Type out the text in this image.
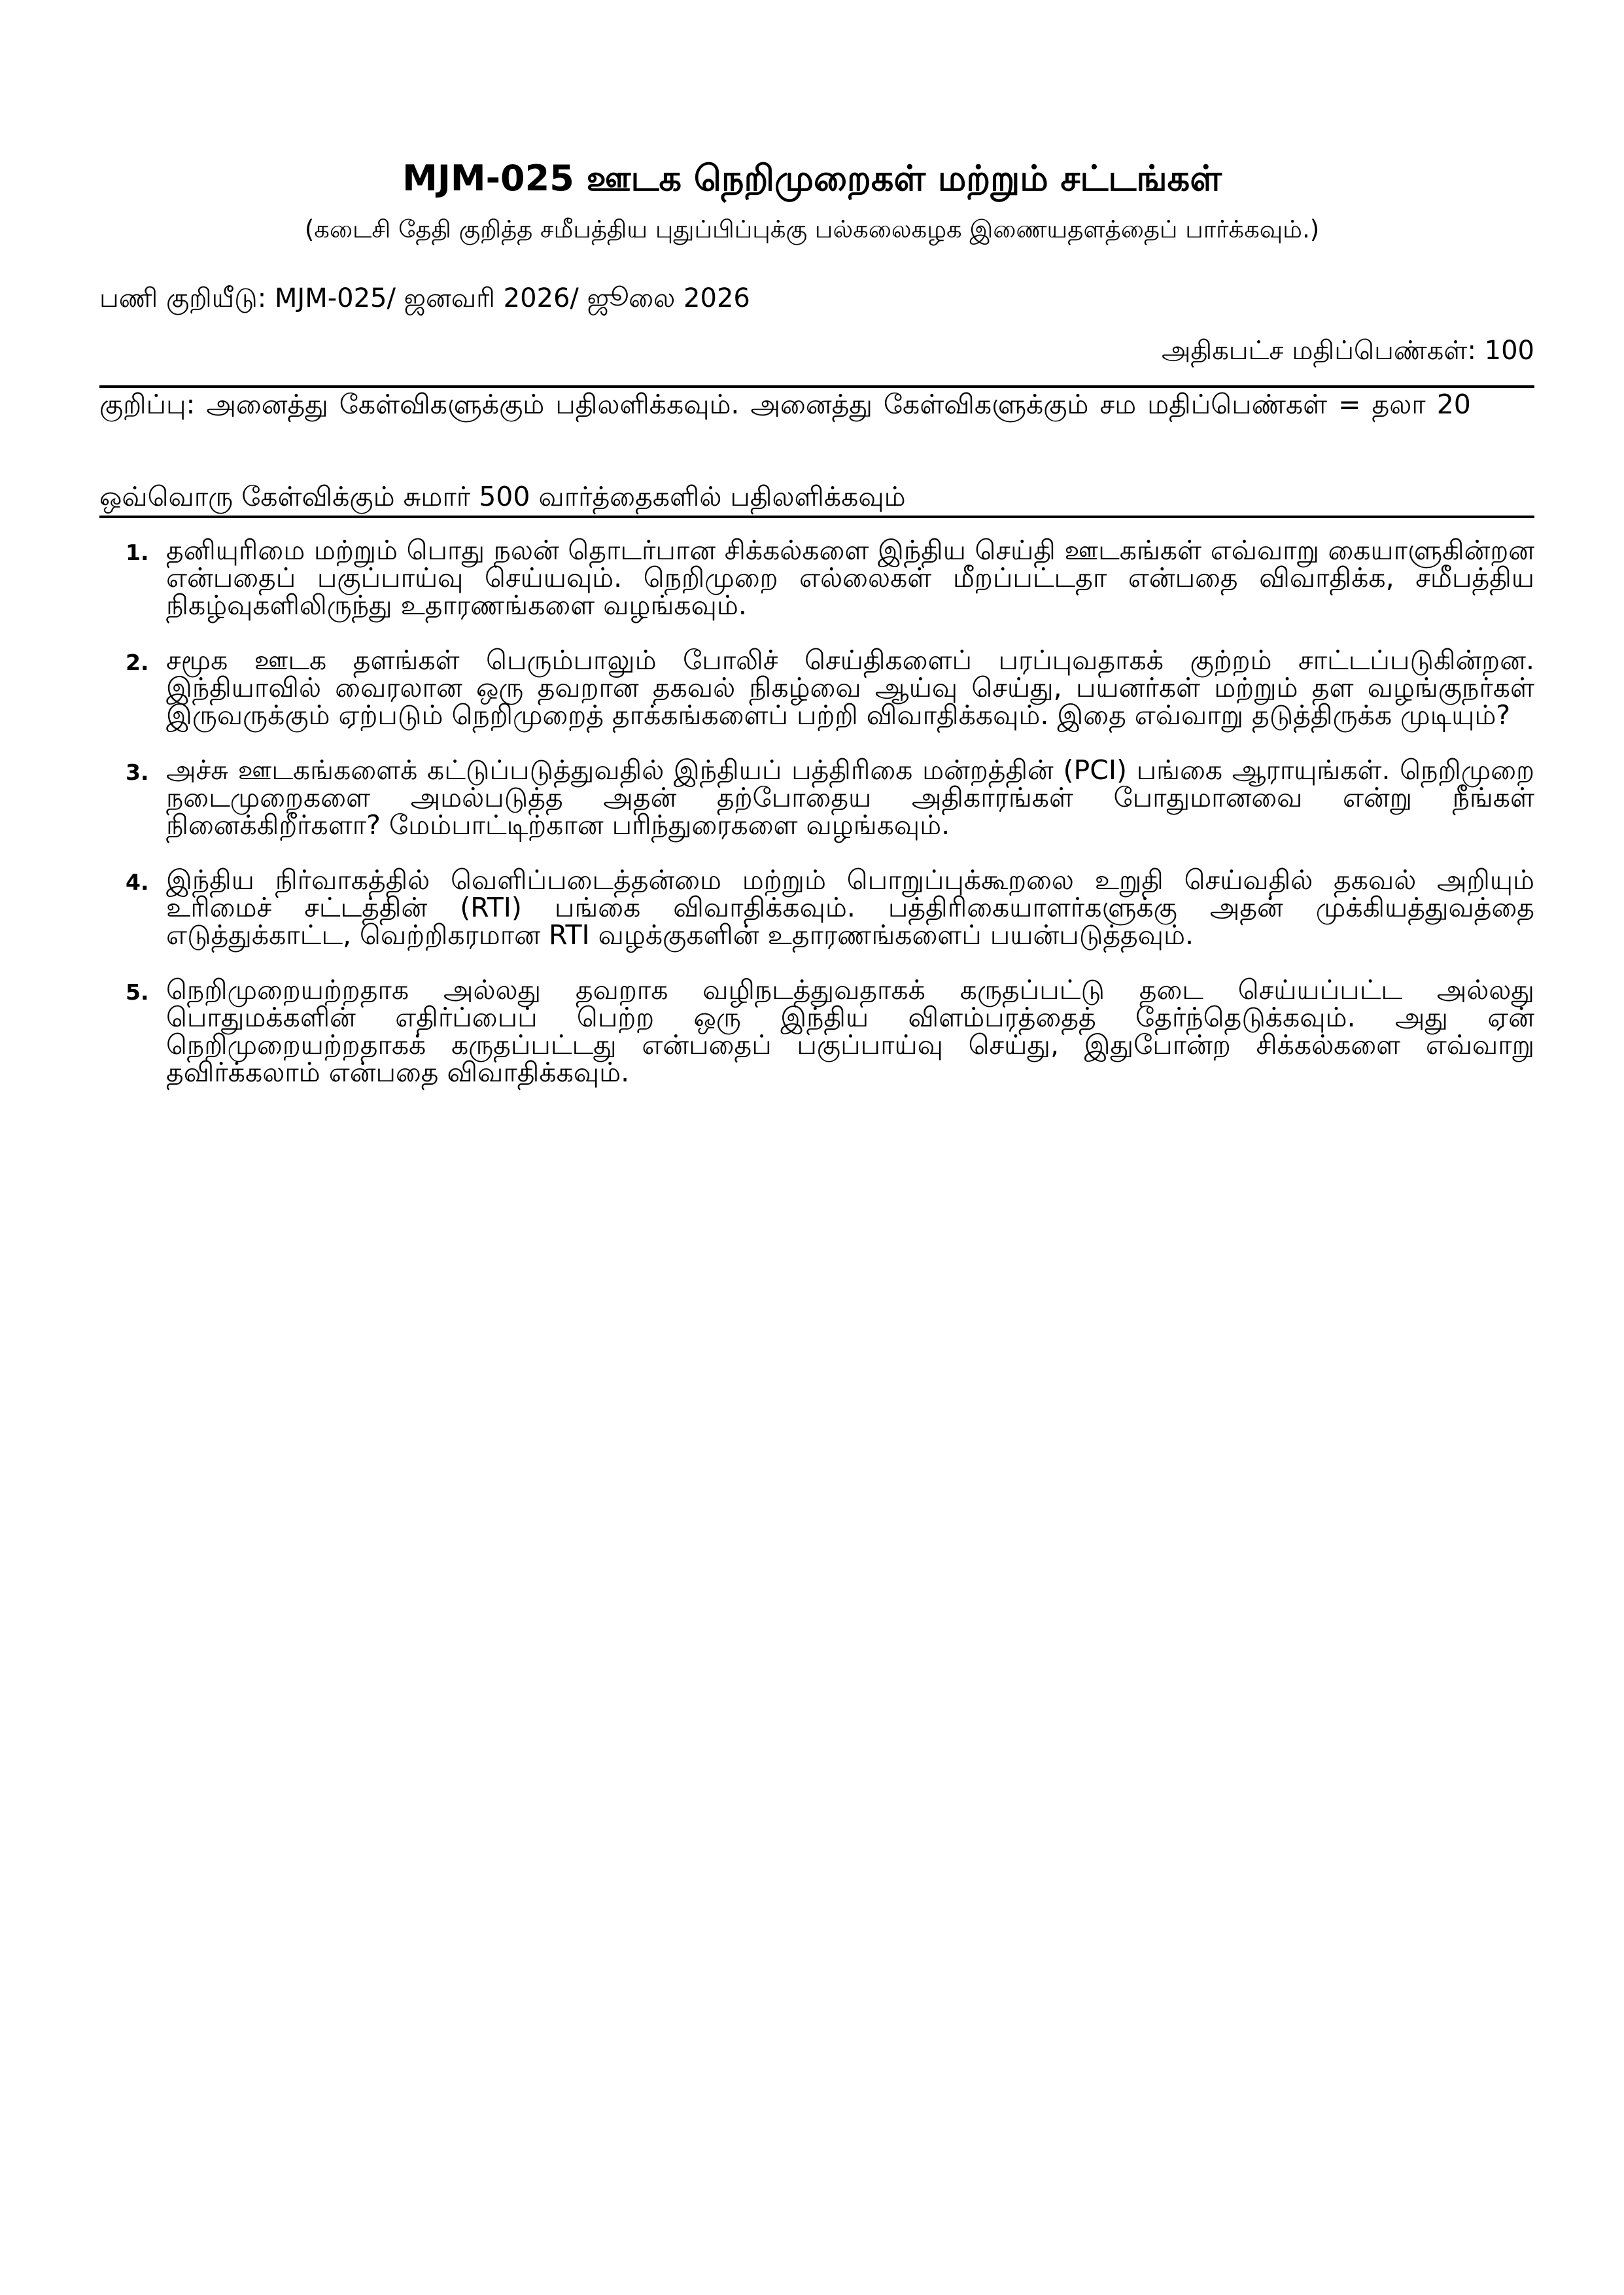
MJM-025 ஊடக நெறிமுறைகள் மற்றும் சட்டங்கள்
(கடைசி தேதி குறித்த சமீபத்திய புதுப்பிப்புக்கு பல்கலைகழக இணையதளத்தைப் பார்க்கவும்.)
பணி குறியீடு: MJM-025/ ஜனவரி 2026/ ஜூலை 2026
அதிகபட்ச மதிப்பெண்கள்: 100
குறிப்பு: அனைத்து கேள்விகளுக்கும் பதிலளிக்கவும். அனைத்து கேள்விகளுக்கும் சம மதிப்பெண்கள் = தலா 20
ஒவ்வொரு கேள்விக்கும் சுமார் 500 வார்த்தைகளில் பதிலளிக்கவும்
1. தனியுரிமை மற்றும் பொது நலன் தொடர்பான சிக்கல்களை இந்திய செய்தி ஊடகங்கள் எவ்வாறு கையாளுகின்றன என்பதைப் பகுப்பாய்வு செய்யவும். நெறிமுறை எல்லைகள் மீறப்பட்டதா என்பதை விவாதிக்க, சமீபத்திய நிகழ்வுகளிலிருந்து உதாரணங்களை வழங்கவும்.
2. சமூக ஊடக தளங்கள் பெரும்பாலும் போலிச் செய்திகளைப் பரப்புவதாகக் குற்றம் சாட்டப்படுகின்றன. இந்தியாவில் வைரலான ஒரு தவறான தகவல் நிகழ்வை ஆய்வு செய்து, பயனர்கள் மற்றும் தள வழங்குநர்கள் இருவருக்கும் ஏற்படும் நெறிமுறைத் தாக்கங்களைப் பற்றி விவாதிக்கவும். இதை எவ்வாறு தடுத்திருக்க முடியும்?
3. அச்சு ஊடகங்களைக் கட்டுப்படுத்துவதில் இந்தியப் பத்திரிகை மன்றத்தின் (PCI) பங்கை ஆராயுங்கள். நெறிமுறை நடைமுறைகளை அமல்படுத்த அதன் தற்போதைய அதிகாரங்கள் போதுமானவை என்று நீங்கள் நினைக்கிறீர்களா? மேம்பாட்டிற்கான பரிந்துரைகளை வழங்கவும்.
4. இந்திய நிர்வாகத்தில் வெளிப்படைத்தன்மை மற்றும் பொறுப்புக்கூறலை உறுதி செய்வதில் தகவல் அறியும் உரிமைச் சட்டத்தின் (RTI) பங்கை விவாதிக்கவும். பத்திரிகையாளர்களுக்கு அதன் முக்கியத்துவத்தை எடுத்துக்காட்ட, வெற்றிகரமான RTI வழக்குகளின் உதாரணங்களைப் பயன்படுத்தவும்.
5. நெறிமுறையற்றதாக அல்லது தவறாக வழிநடத்துவதாகக் கருதப்பட்டு தடை செய்யப்பட்ட அல்லது பொதுமக்களின் எதிர்ப்பைப் பெற்ற ஒரு இந்திய விளம்பரத்தைத் தேர்ந்தெடுக்கவும். அது ஏன் நெறிமுறையற்றதாகக் கருதப்பட்டது என்பதைப் பகுப்பாய்வு செய்து, இதுபோன்ற சிக்கல்களை எவ்வாறு தவிர்க்கலாம் என்பதை விவாதிக்கவும்.
